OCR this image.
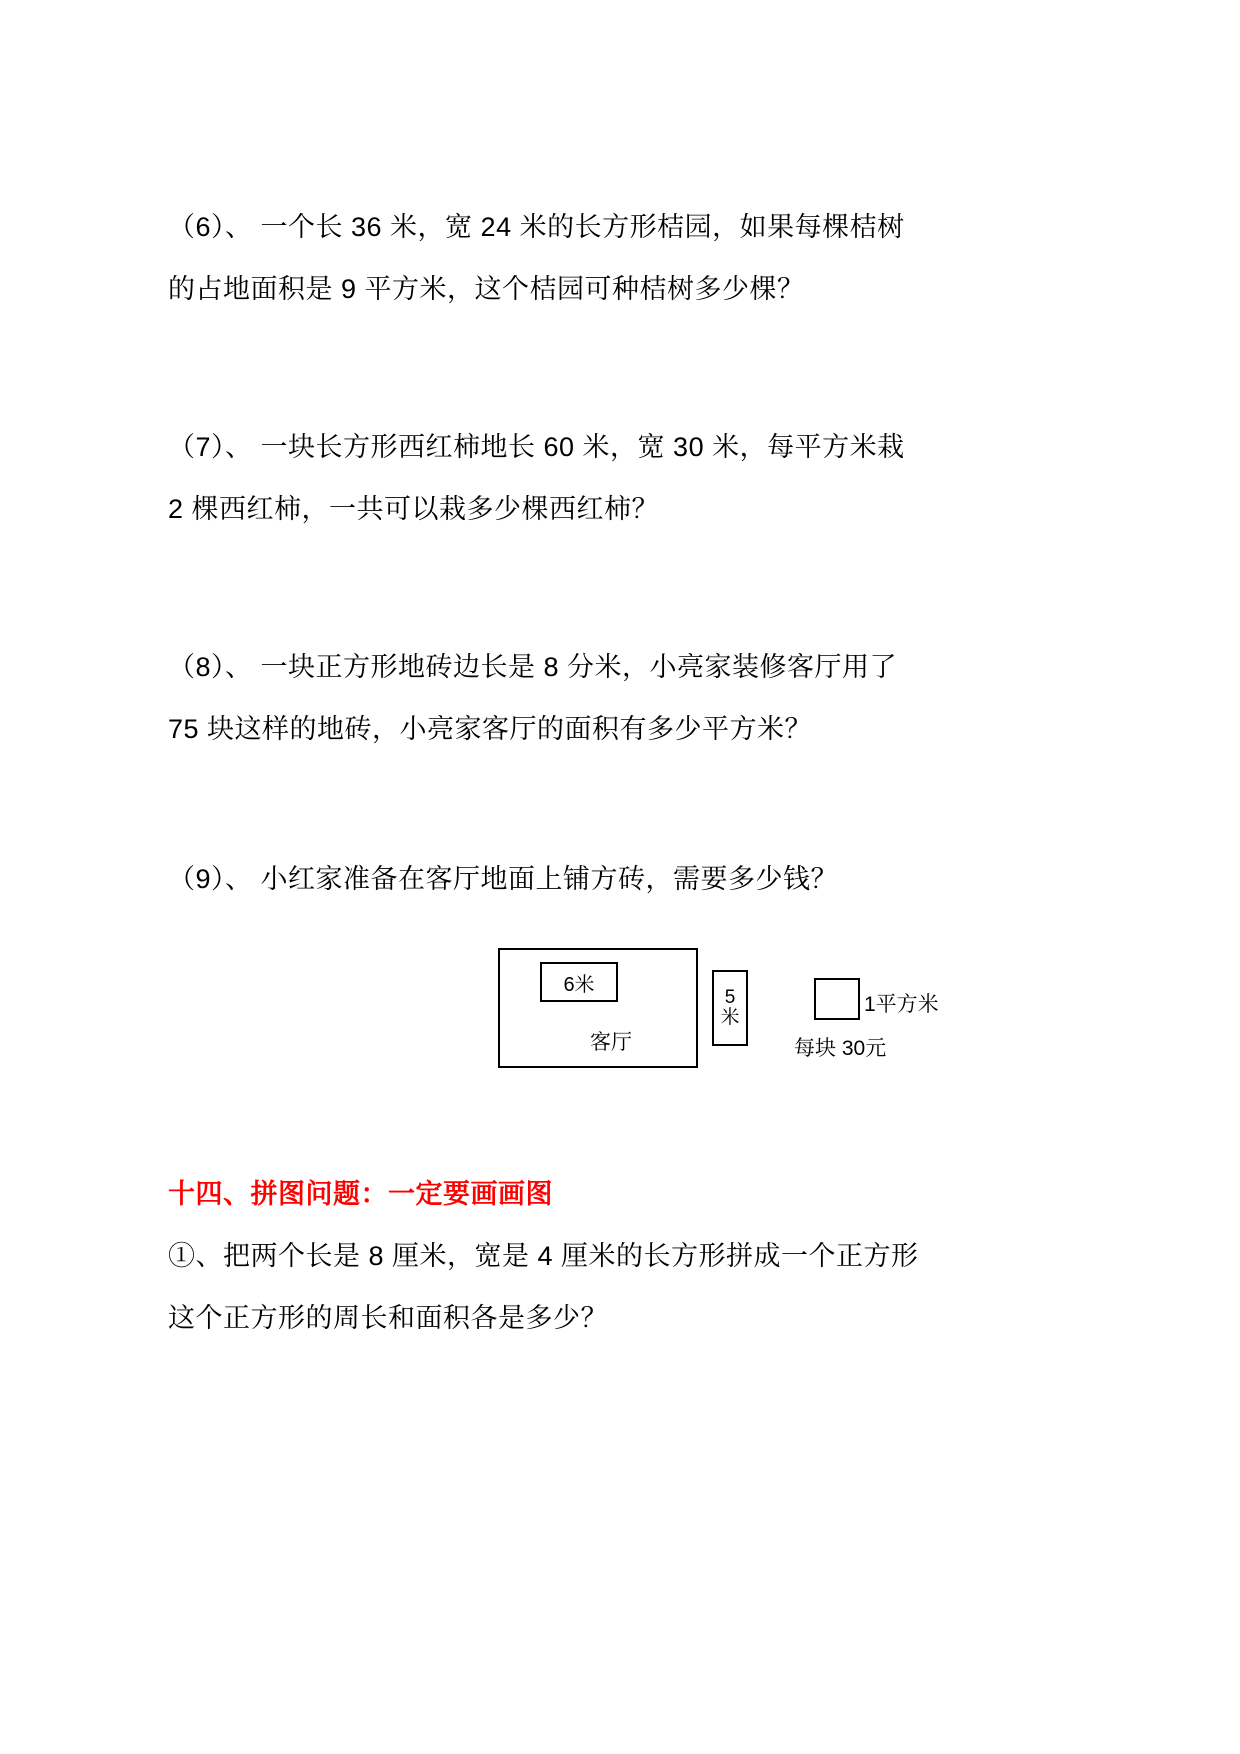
（6）、 一个长 36 米，宽 24 米的长方形桔园，如果每棵桔树
的占地面积是 9 平方米，这个桔园可种桔树多少棵？
（7）、 一块长方形西红柿地长 60 米，宽 30 米，每平方米栽
2 棵西红柿，一共可以栽多少棵西红柿？
（8）、 一块正方形地砖边长是 8 分米，小亮家装修客厅用了
75 块这样的地砖，小亮家客厅的面积有多少平方米？
（9）、 小红家准备在客厅地面上铺方砖，需要多少钱？
6米
客厅
5
米
1平方米
每块 30元
十四、拼图问题：一定要画画图
①、把两个长是 8 厘米，宽是 4 厘米的长方形拼成一个正方形
这个正方形的周长和面积各是多少？
